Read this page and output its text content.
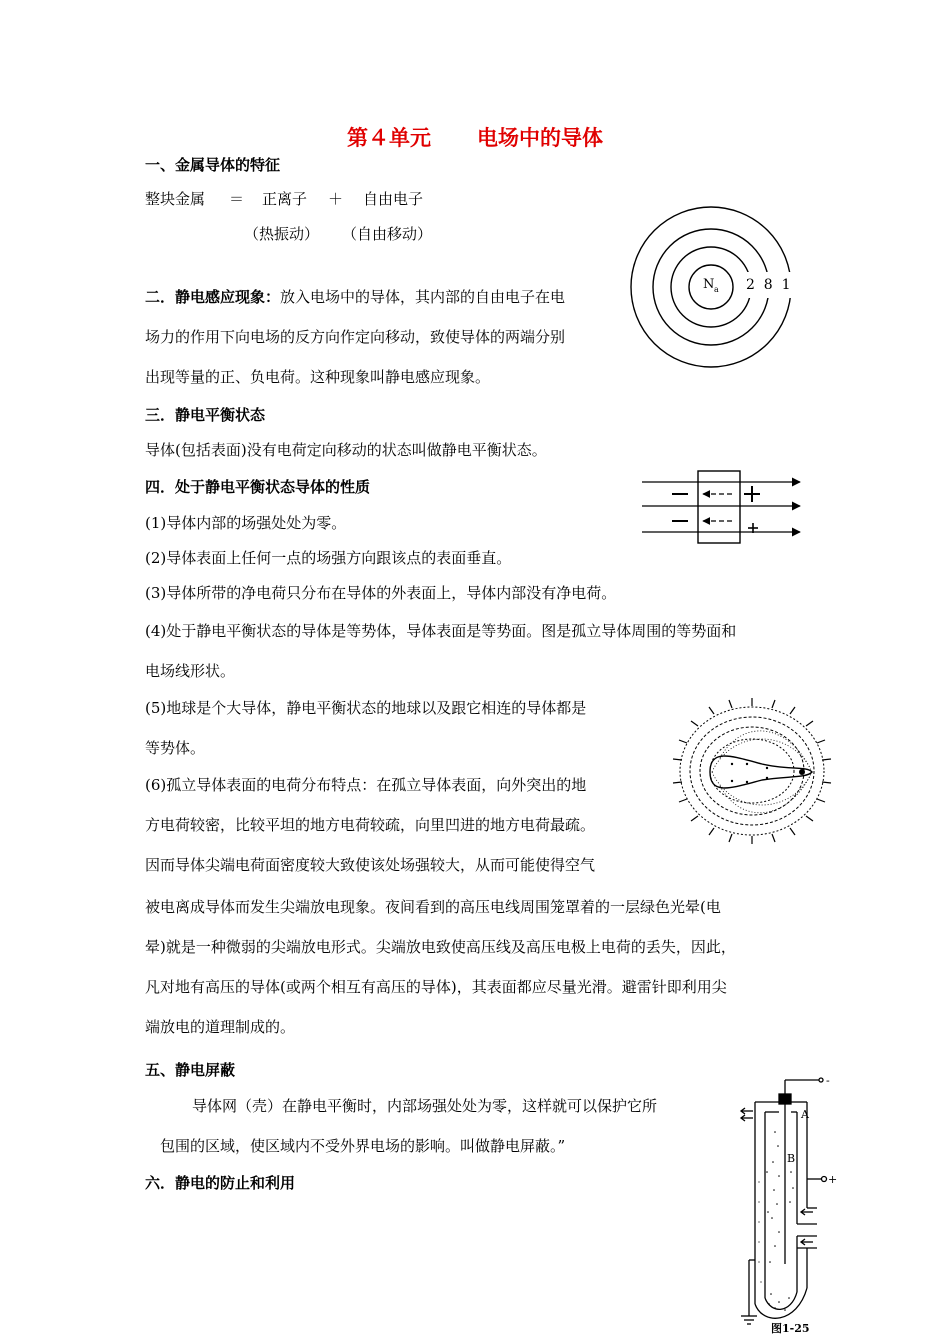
第４单元 电场中的导体
一、金属导体的特征
整块金属 ＝ 正离子 ＋ 自由电子
（热振动） （自由移动）
N a 2  8  1
二．静电感应现象：放入电场中的导体，其内部的自由电子在电
场力的作用下向电场的反方向作定向移动，致使导体的两端分别
出现等量的正、负电荷。这种现象叫静电感应现象。
三．静电平衡状态
导体(包括表面)没有电荷定向移动的状态叫做静电平衡状态。
四．处于静电平衡状态导体的性质
(1)导体内部的场强处处为零。
(2)导体表面上任何一点的场强方向跟该点的表面垂直。
(3)导体所带的净电荷只分布在导体的外表面上，导体内部没有净电荷。
(4)处于静电平衡状态的导体是等势体，导体表面是等势面。图是孤立导体周围的等势面和
电场线形状。
(5)地球是个大导体，静电平衡状态的地球以及跟它相连的导体都是
等势体。
(6)孤立导体表面的电荷分布特点：在孤立导体表面，向外突出的地
方电荷较密，比较平坦的地方电荷较疏，向里凹进的地方电荷最疏。
因而导体尖端电荷面密度较大致使该处场强较大，从而可能使得空气
被电离成导体而发生尖端放电现象。夜间看到的高压电线周围笼罩着的一层绿色光晕(电
晕)就是一种微弱的尖端放电形式。尖端放电致使高压线及高压电极上电荷的丢失，因此，
凡对地有高压的导体(或两个相互有高压的导体)，其表面都应尽量光滑。避雷针即利用尖
端放电的道理制成的。
五、静电屏蔽
导体网（壳）在静电平衡时，内部场强处处为零，这样就可以保护它所
包围的区域，使区域内不受外界电场的影响。叫做静电屏蔽。”
六．静电的防止和利用
A
B
-
+
图1-25
